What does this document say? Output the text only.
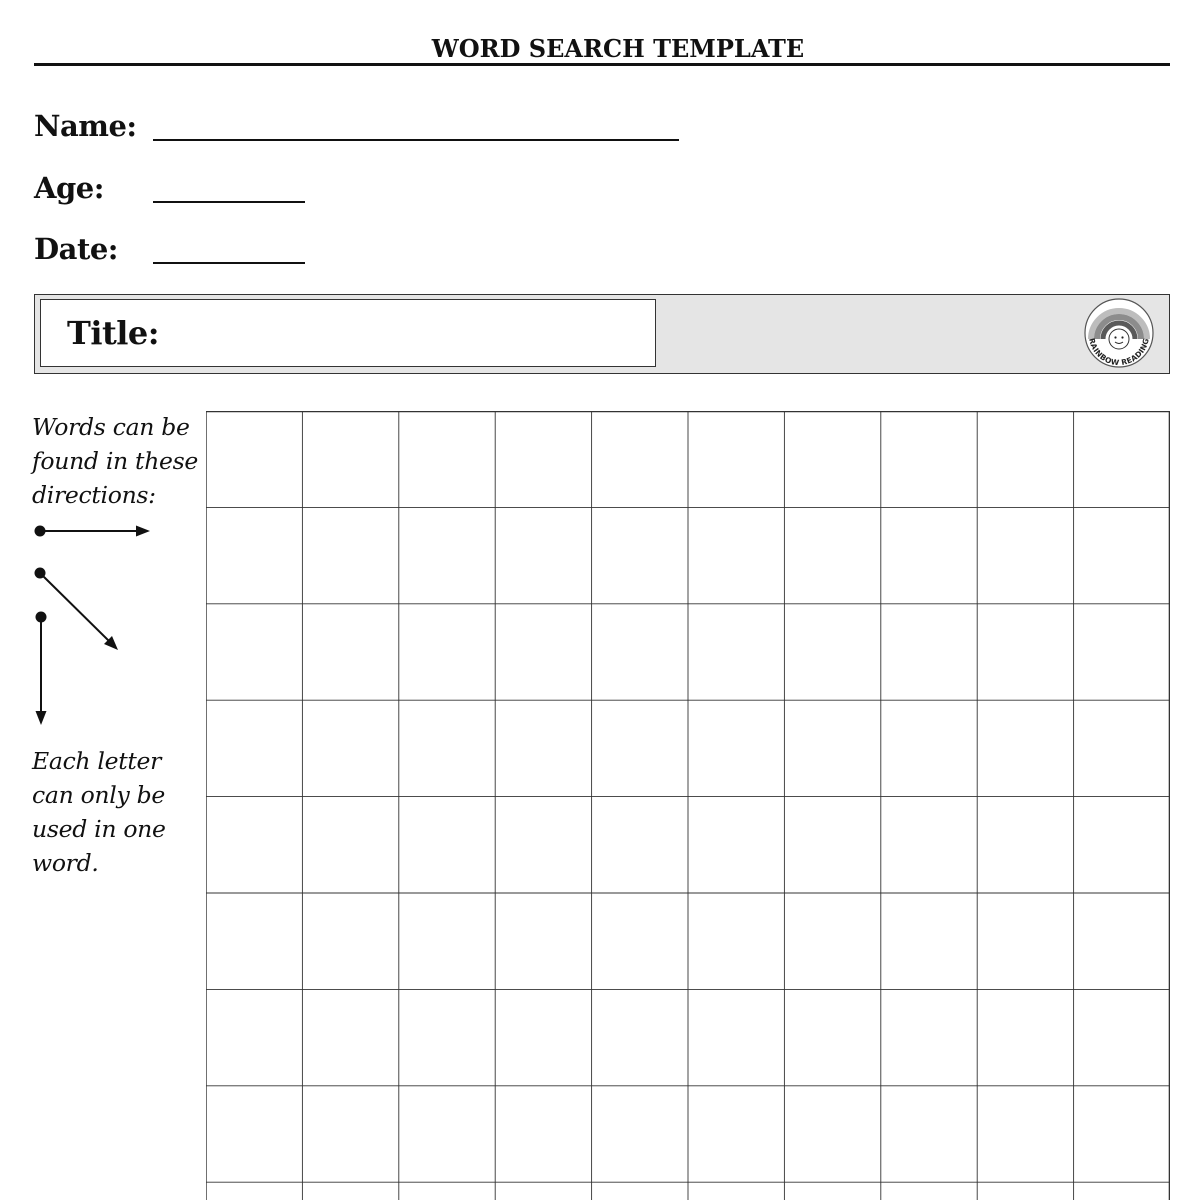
WORD SEARCH TEMPLATE
Name:
Age:
Date:
Title:	RAINBOW READING
Words can be
found in these
directions:
Each letter
can only be
used in one
word.
